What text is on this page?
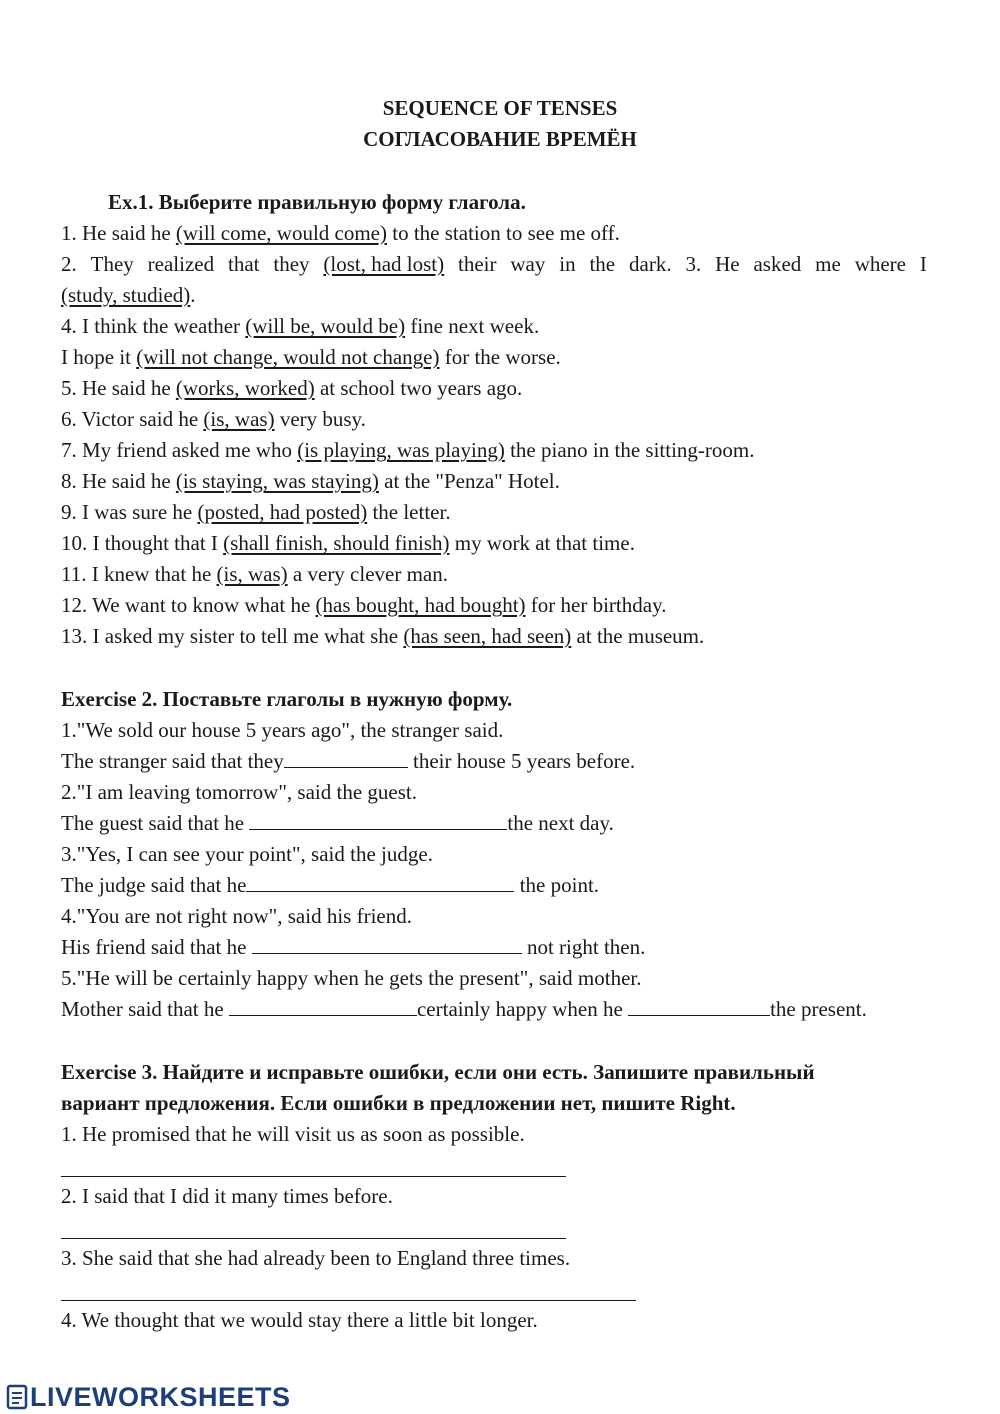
SEQUENCE OF TENSES
СОГЛАСОВАНИЕ ВРЕМЁН
Ex.1. Выберите правильную форму глагола.
1. He said he (will come, would come) to the station to see me off.
2. They realized that they (lost, had lost) their way in the dark. 3. He asked me where I
(study, studied).
4. I think the weather (will be, would be) fine next week.
I hope it (will not change, would not change) for the worse.
5. He said he (works, worked) at school two years ago.
6. Victor said he (is, was) very busy.
7. My friend asked me who (is playing, was playing) the piano in the sitting-room.
8. He said he (is staying, was staying) at the "Penza" Hotel.
9. I was sure he (posted, had posted) the letter.
10. I thought that I (shall finish, should finish) my work at that time.
11. I knew that he (is, was) a very clever man.
12. We want to know what he (has bought, had bought) for her birthday.
13. I asked my sister to tell me what she (has seen, had seen) at the museum.
Exercise 2. Поставьте глаголы в нужную форму.
1."We sold our house 5 years ago", the stranger said.
The stranger said that they	their house 5 years before.
2."I am leaving tomorrow", said the guest.
The guest said that he	the next day.
3."Yes, I can see your point", said the judge.
The judge said that he	the point.
4."You are not right now", said his friend.
His friend said that he	not right then.
5."He will be certainly happy when he gets the present", said mother.
Mother said that he	certainly happy when he	the present.
Exercise 3. Найдите и исправьте ошибки, если они есть. Запишите правильный
вариант предложения. Если ошибки в предложении нет, пишите Right.
1. He promised that he will visit us as soon as possible.
2. I said that I did it many times before.
3. She said that she had already been to England three times.
4. We thought that we would stay there a little bit longer.
LIVEWORKSHEETS
